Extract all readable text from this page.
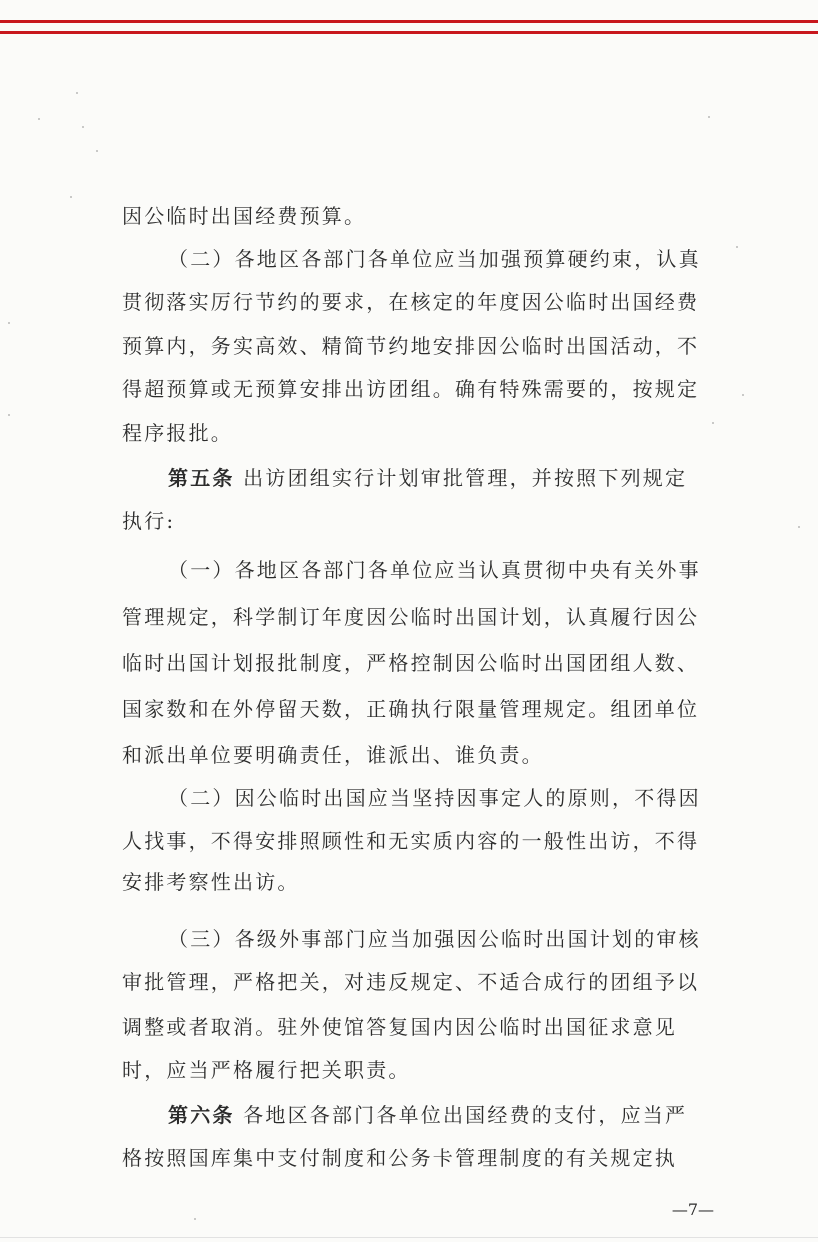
因公临时出国经费预算。
（二）各地区各部门各单位应当加强预算硬约束，认真
贯彻落实厉行节约的要求，在核定的年度因公临时出国经费
预算内，务实高效、精简节约地安排因公临时出国活动，不
得超预算或无预算安排出访团组。确有特殊需要的，按规定
程序报批。
第五条 出访团组实行计划审批管理，并按照下列规定
执行:
（一）各地区各部门各单位应当认真贯彻中央有关外事
管理规定，科学制订年度因公临时出国计划，认真履行因公
临时出国计划报批制度，严格控制因公临时出国团组人数、
国家数和在外停留天数，正确执行限量管理规定。组团单位
和派出单位要明确责任，谁派出、谁负责。
（二）因公临时出国应当坚持因事定人的原则，不得因
人找事，不得安排照顾性和无实质内容的一般性出访，不得
安排考察性出访。
（三）各级外事部门应当加强因公临时出国计划的审核
审批管理，严格把关，对违反规定、不适合成行的团组予以
调整或者取消。驻外使馆答复国内因公临时出国征求意见
时，应当严格履行把关职责。
第六条 各地区各部门各单位出国经费的支付，应当严
格按照国库集中支付制度和公务卡管理制度的有关规定执
—7—
